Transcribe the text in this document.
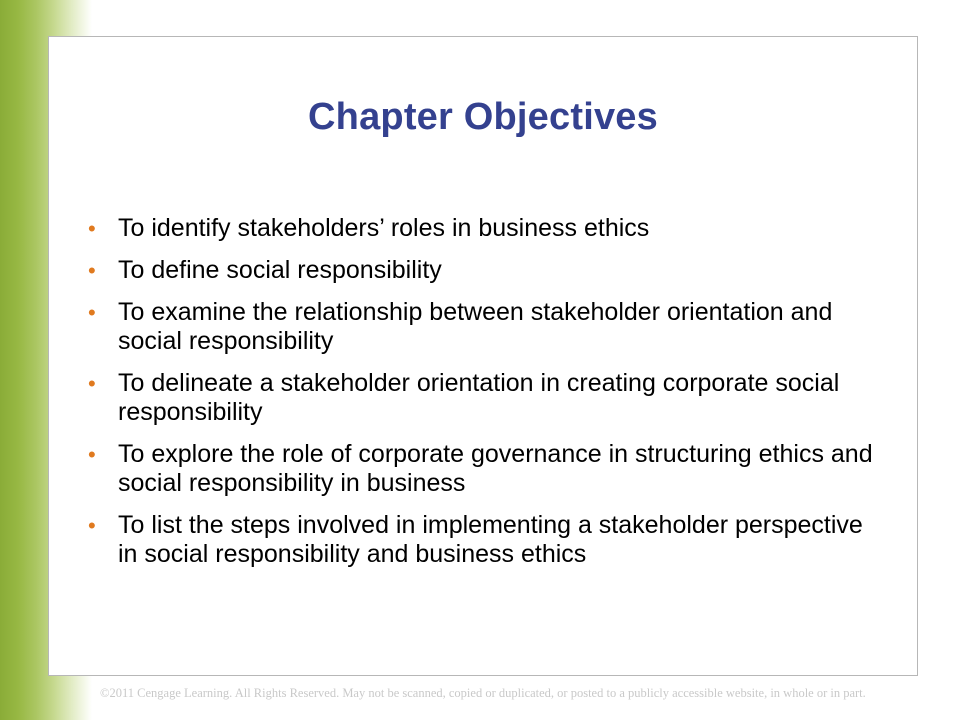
Chapter Objectives
• To identify stakeholders’ roles in business ethics
• To define social responsibility
• To examine the relationship between stakeholder orientation and social responsibility
• To delineate a stakeholder orientation in creating corporate social responsibility
• To explore the role of corporate governance in structuring ethics and social responsibility in business
• To list the steps involved in implementing a stakeholder perspective in social responsibility and business ethics
©2011 Cengage Learning. All Rights Reserved. May not be scanned, copied or duplicated, or posted to a publicly accessible website, in whole or in part.
